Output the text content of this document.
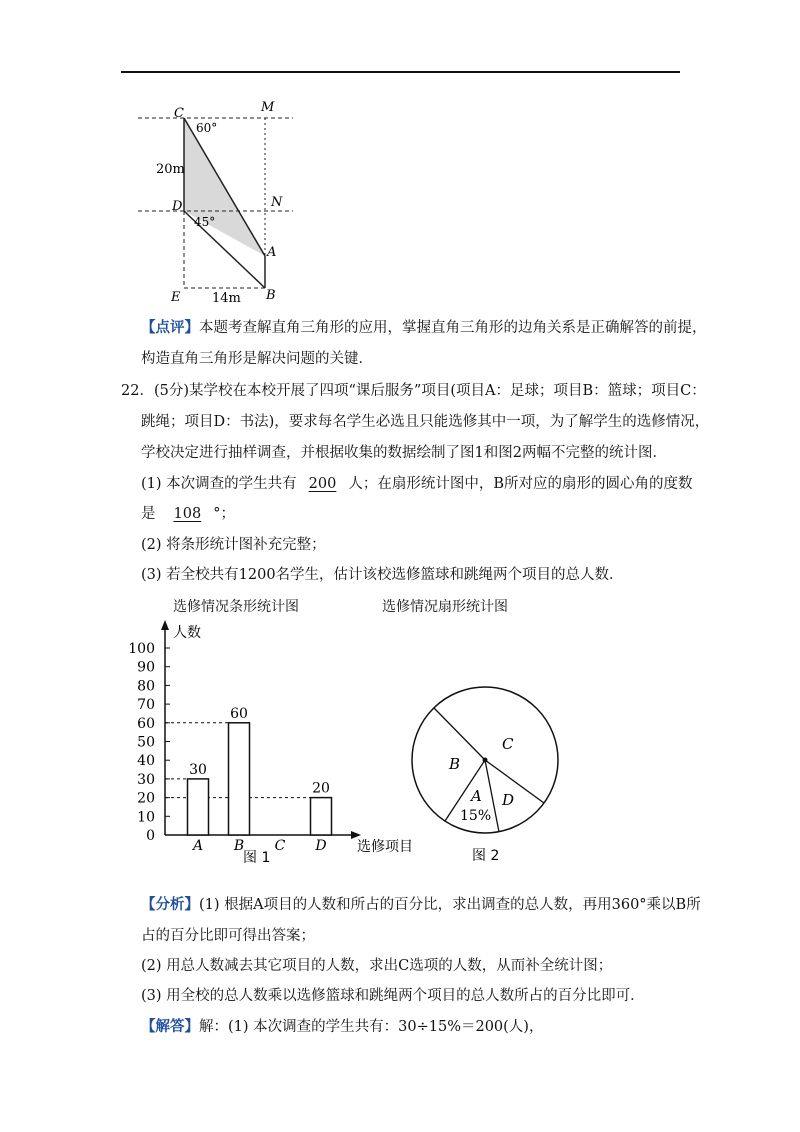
C	M
D	N
A
E	B
60°
45°
20m
14m
【点评】本题考查解直角三角形的应用，掌握直角三角形的边角关系是正确解答的前提，
构造直角三角形是解决问题的关键．
22．(5分)某学校在本校开展了四项“课后服务”项目(项目A：足球；项目B：篮球；项目C：
跳绳；项目D：书法)，要求每名学生必选且只能选修其中一项，为了解学生的选修情况，
学校决定进行抽样调查，并根据收集的数据绘制了图1和图2两幅不完整的统计图．
(1) 本次调查的学生共有 200 人；在扇形统计图中，B所对应的扇形的圆心角的度数
是 108 °；
(2) 将条形统计图补充完整；
(3) 若全校共有1200名学生，估计该校选修篮球和跳绳两个项目的总人数．
选修情况条形统计图
10
20
30
40
50
60
70
80
90
100
30
A
60
B C
20
D
人数
选修项目
0
图 1
选修情况扇形统计图
C
B
A
15%
D
图 2
【分析】(1) 根据A项目的人数和所占的百分比，求出调查的总人数，再用360°乘以B所
占的百分比即可得出答案；
(2) 用总人数减去其它项目的人数，求出C选项的人数，从而补全统计图；
(3) 用全校的总人数乘以选修篮球和跳绳两个项目的总人数所占的百分比即可．
【解答】解：(1) 本次调查的学生共有：30÷15%＝200(人)，
